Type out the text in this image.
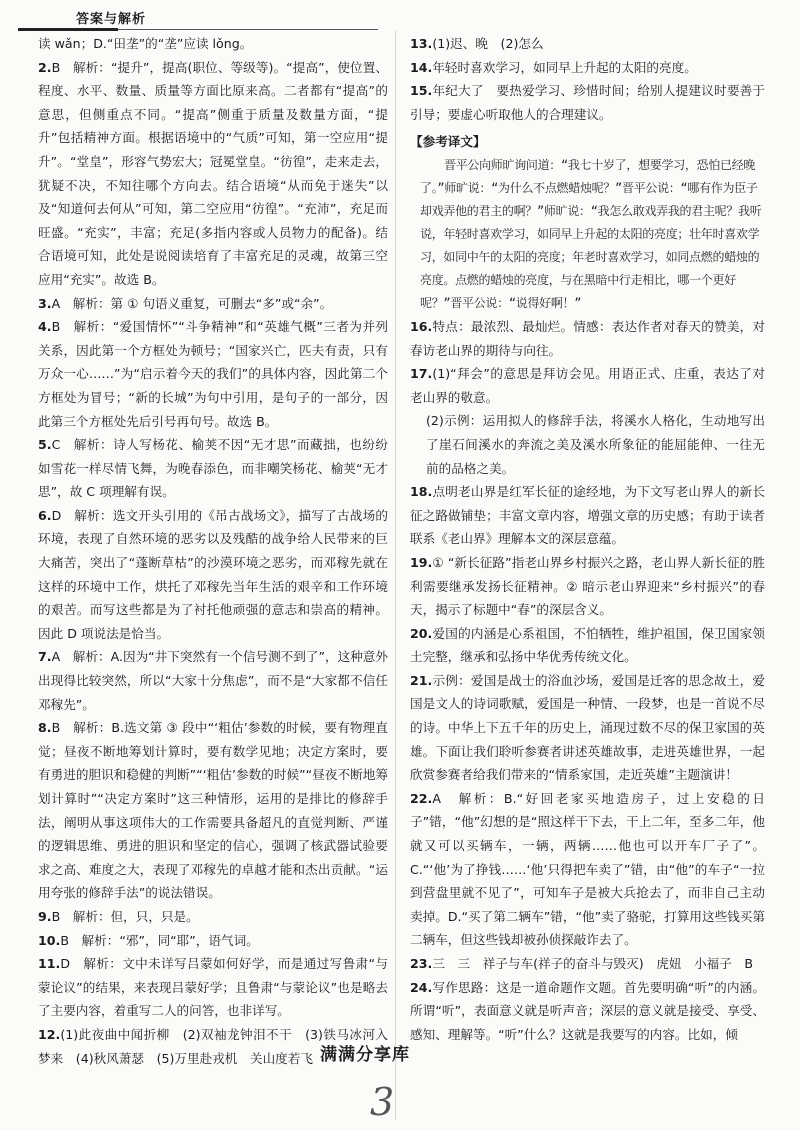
答案与解析
读 wǎn；D.“田垄”的“垄”应读 lǒng。
2.B　解析：“提升”，提高(职位、等级等)。“提高”，使位置、程度、水平、数量、质量等方面比原来高。二者都有“提高”的意思，但侧重点不同。“提高”侧重于质量及数量方面，“提升”包括精神方面。根据语境中的“气质”可知，第一空应用“提升”。“堂皇”，形容气势宏大；冠冕堂皇。“彷徨”，走来走去，犹疑不决，不知往哪个方向去。结合语境“从而免于迷失”以及“知道何去何从”可知，第二空应用“彷徨”。“充沛”，充足而旺盛。“充实”，丰富；充足(多指内容或人员物力的配备)。结合语境可知，此处是说阅读培育了丰富充足的灵魂，故第三空应用“充实”。故选 B。
3.A　解析：第 ① 句语义重复，可删去“多”或“余”。
4.B　解析：“爱国情怀”“斗争精神”和“英雄气概”三者为并列关系，因此第一个方框处为顿号；“国家兴亡，匹夫有责，只有万众一心……”为“启示着今天的我们”的具体内容，因此第二个方框处为冒号；“新的长城”为句中引用，是句子的一部分，因此第三个方框处先后引号再句号。故选 B。
5.C　解析：诗人写杨花、榆荚不因“无才思”而藏拙，也纷纷如雪花一样尽情飞舞，为晚春添色，而非嘲笑杨花、榆荚“无才思”，故 C 项理解有误。
6.D　解析：选文开头引用的《吊古战场文》，描写了古战场的环境，表现了自然环境的恶劣以及残酷的战争给人民带来的巨大痛苦，突出了“蓬断草枯”的沙漠环境之恶劣，而邓稼先就在这样的环境中工作，烘托了邓稼先当年生活的艰辛和工作环境的艰苦。而写这些都是为了衬托他顽强的意志和崇高的精神。因此 D 项说法是恰当。
7.A　解析：A.因为“井下突然有一个信号测不到了”，这种意外出现得比较突然，所以“大家十分焦虑”，而不是“大家都不信任邓稼先”。
8.B　解析：B.选文第 ③ 段中“‘粗估’参数的时候，要有物理直觉；昼夜不断地筹划计算时，要有数学见地；决定方案时，要有勇进的胆识和稳健的判断”“‘粗估’参数的时候”“昼夜不断地筹划计算时”“决定方案时”这三种情形，运用的是排比的修辞手法，阐明从事这项伟大的工作需要具备超凡的直觉判断、严谨的逻辑思维、勇进的胆识和坚定的信心，强调了核武器试验要求之高、难度之大，表现了邓稼先的卓越才能和杰出贡献。“运用夸张的修辞手法”的说法错误。
9.B　解析：但，只，只是。
10.B　解析：“邪”，同“耶”，语气词。
11.D　解析：文中未详写吕蒙如何好学，而是通过写鲁肃“与蒙论议”的结果，来表现吕蒙好学；且鲁肃“与蒙论议”也是略去了主要内容，着重写二人的问答，也非详写。
12.(1)此夜曲中闻折柳　(2)双袖龙钟泪不干　(3)铁马冰河入梦来　(4)秋风萧瑟　(5)万里赴戎机　关山度若飞
13.(1)迟、晚　(2)怎么
14.年轻时喜欢学习，如同早上升起的太阳的亮度。
15.年纪大了　要热爱学习、珍惜时间；给别人提建议时要善于引导；要虚心听取他人的合理建议。
【参考译文】
晋平公向师旷询问道：“我七十岁了，想要学习，恐怕已经晚了。”师旷说：“为什么不点燃蜡烛呢？”晋平公说：“哪有作为臣子却戏弄他的君主的啊？”师旷说：“我怎么敢戏弄我的君主呢？我听说，年轻时喜欢学习，如同早上升起的太阳的亮度；壮年时喜欢学习，如同中午的太阳的亮度；年老时喜欢学习，如同点燃的蜡烛的亮度。点燃的蜡烛的亮度，与在黑暗中行走相比，哪一个更好呢？”晋平公说：“说得好啊！”
16.特点：最浓烈、最灿烂。情感：表达作者对春天的赞美，对春访老山界的期待与向往。
17.(1)“拜会”的意思是拜访会见。用语正式、庄重，表达了对老山界的敬意。
(2)示例：运用拟人的修辞手法，将溪水人格化，生动地写出了崖石间溪水的奔流之美及溪水所象征的能屈能伸、一往无前的品格之美。
18.点明老山界是红军长征的途经地，为下文写老山界人的新长征之路做铺垫；丰富文章内容，增强文章的历史感；有助于读者联系《老山界》理解本文的深层意蕴。
19.① “新长征路”指老山界乡村振兴之路，老山界人新长征的胜利需要继承发扬长征精神。② 暗示老山界迎来“乡村振兴”的春天，揭示了标题中“春”的深层含义。
20.爱国的内涵是心系祖国，不怕牺牲，维护祖国，保卫国家领土完整，继承和弘扬中华优秀传统文化。
21.示例：爱国是战士的浴血沙场，爱国是迁客的思念故土，爱国是文人的诗词歌赋，爱国是一种情、一段梦，也是一首说不尽的诗。中华上下五千年的历史上，涌现过数不尽的保卫家国的英雄。下面让我们聆听参赛者讲述英雄故事，走进英雄世界，一起欣赏参赛者给我们带来的“情系家国，走近英雄”主题演讲！
22.A　解析：B.“好回老家买地造房子，过上安稳的日子”错，“他”幻想的是“照这样干下去，干上二年，至多二年，他就又可以买辆车，一辆，两辆……他也可以开车厂子了”。C.“‘他’为了挣钱……‘他’只得把车卖了”错，由“他”的车子“一拉到营盘里就不见了”，可知车子是被大兵抢去了，而非自己主动卖掉。D.“买了第二辆车”错，“他”卖了骆驼，打算用这些钱买第二辆车，但这些钱却被孙侦探敲诈去了。
23.三　三　祥子与车(祥子的奋斗与毁灭)　虎妞　小福子　B
24.写作思路：这是一道命题作文题。首先要明确“听”的内涵。所谓“听”，表面意义就是听声音；深层的意义就是接受、享受、感知、理解等。“听”什么？这就是我要写的内容。比如，倾
满满分享库
3
